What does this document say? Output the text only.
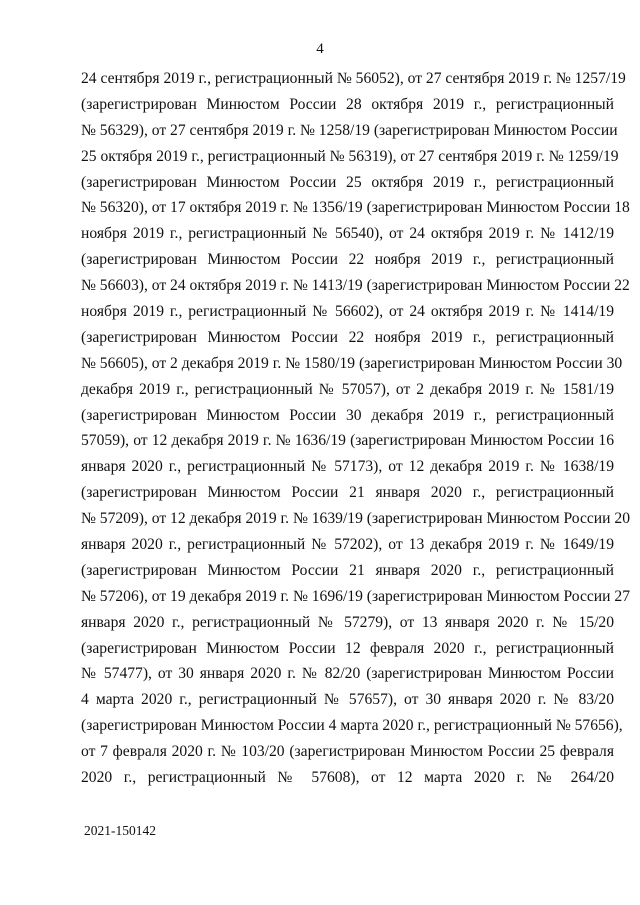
4
24 сентября 2019 г., регистрационный № 56052), от 27 сентября 2019 г. № 1257/19
(зарегистрирован Минюстом России 28 октября 2019 г., регистрационный
№ 56329), от 27 сентября 2019 г. № 1258/19 (зарегистрирован Минюстом России
25 октября 2019 г., регистрационный № 56319), от 27 сентября 2019 г. № 1259/19
(зарегистрирован Минюстом России 25 октября 2019 г., регистрационный
№ 56320), от 17 октября 2019 г. № 1356/19 (зарегистрирован Минюстом России 18
ноября 2019 г., регистрационный № 56540), от 24 октября 2019 г. № 1412/19
(зарегистрирован Минюстом России 22 ноября 2019 г., регистрационный
№ 56603), от 24 октября 2019 г. № 1413/19 (зарегистрирован Минюстом России 22
ноября 2019 г., регистрационный № 56602), от 24 октября 2019 г. № 1414/19
(зарегистрирован Минюстом России 22 ноября 2019 г., регистрационный
№ 56605), от 2 декабря 2019 г. № 1580/19 (зарегистрирован Минюстом России 30
декабря 2019 г., регистрационный № 57057), от 2 декабря 2019 г. № 1581/19
(зарегистрирован Минюстом России 30 декабря 2019 г., регистрационный
57059), от 12 декабря 2019 г. № 1636/19 (зарегистрирован Минюстом России 16
января 2020 г., регистрационный № 57173), от 12 декабря 2019 г. № 1638/19
(зарегистрирован Минюстом России 21 января 2020 г., регистрационный
№ 57209), от 12 декабря 2019 г. № 1639/19 (зарегистрирован Минюстом России 20
января 2020 г., регистрационный № 57202), от 13 декабря 2019 г. № 1649/19
(зарегистрирован Минюстом России 21 января 2020 г., регистрационный
№ 57206), от 19 декабря 2019 г. № 1696/19 (зарегистрирован Минюстом России 27
января 2020 г., регистрационный № 57279), от 13 января 2020 г. № 15/20
(зарегистрирован Минюстом России 12 февраля 2020 г., регистрационный
№ 57477), от 30 января 2020 г. № 82/20 (зарегистрирован Минюстом России
4 марта 2020 г., регистрационный № 57657), от 30 января 2020 г. № 83/20
(зарегистрирован Минюстом России 4 марта 2020 г., регистрационный № 57656),
от 7 февраля 2020 г. № 103/20 (зарегистрирован Минюстом России 25 февраля
2020 г., регистрационный № 57608), от 12 марта 2020 г. № 264/20
2021-150142
